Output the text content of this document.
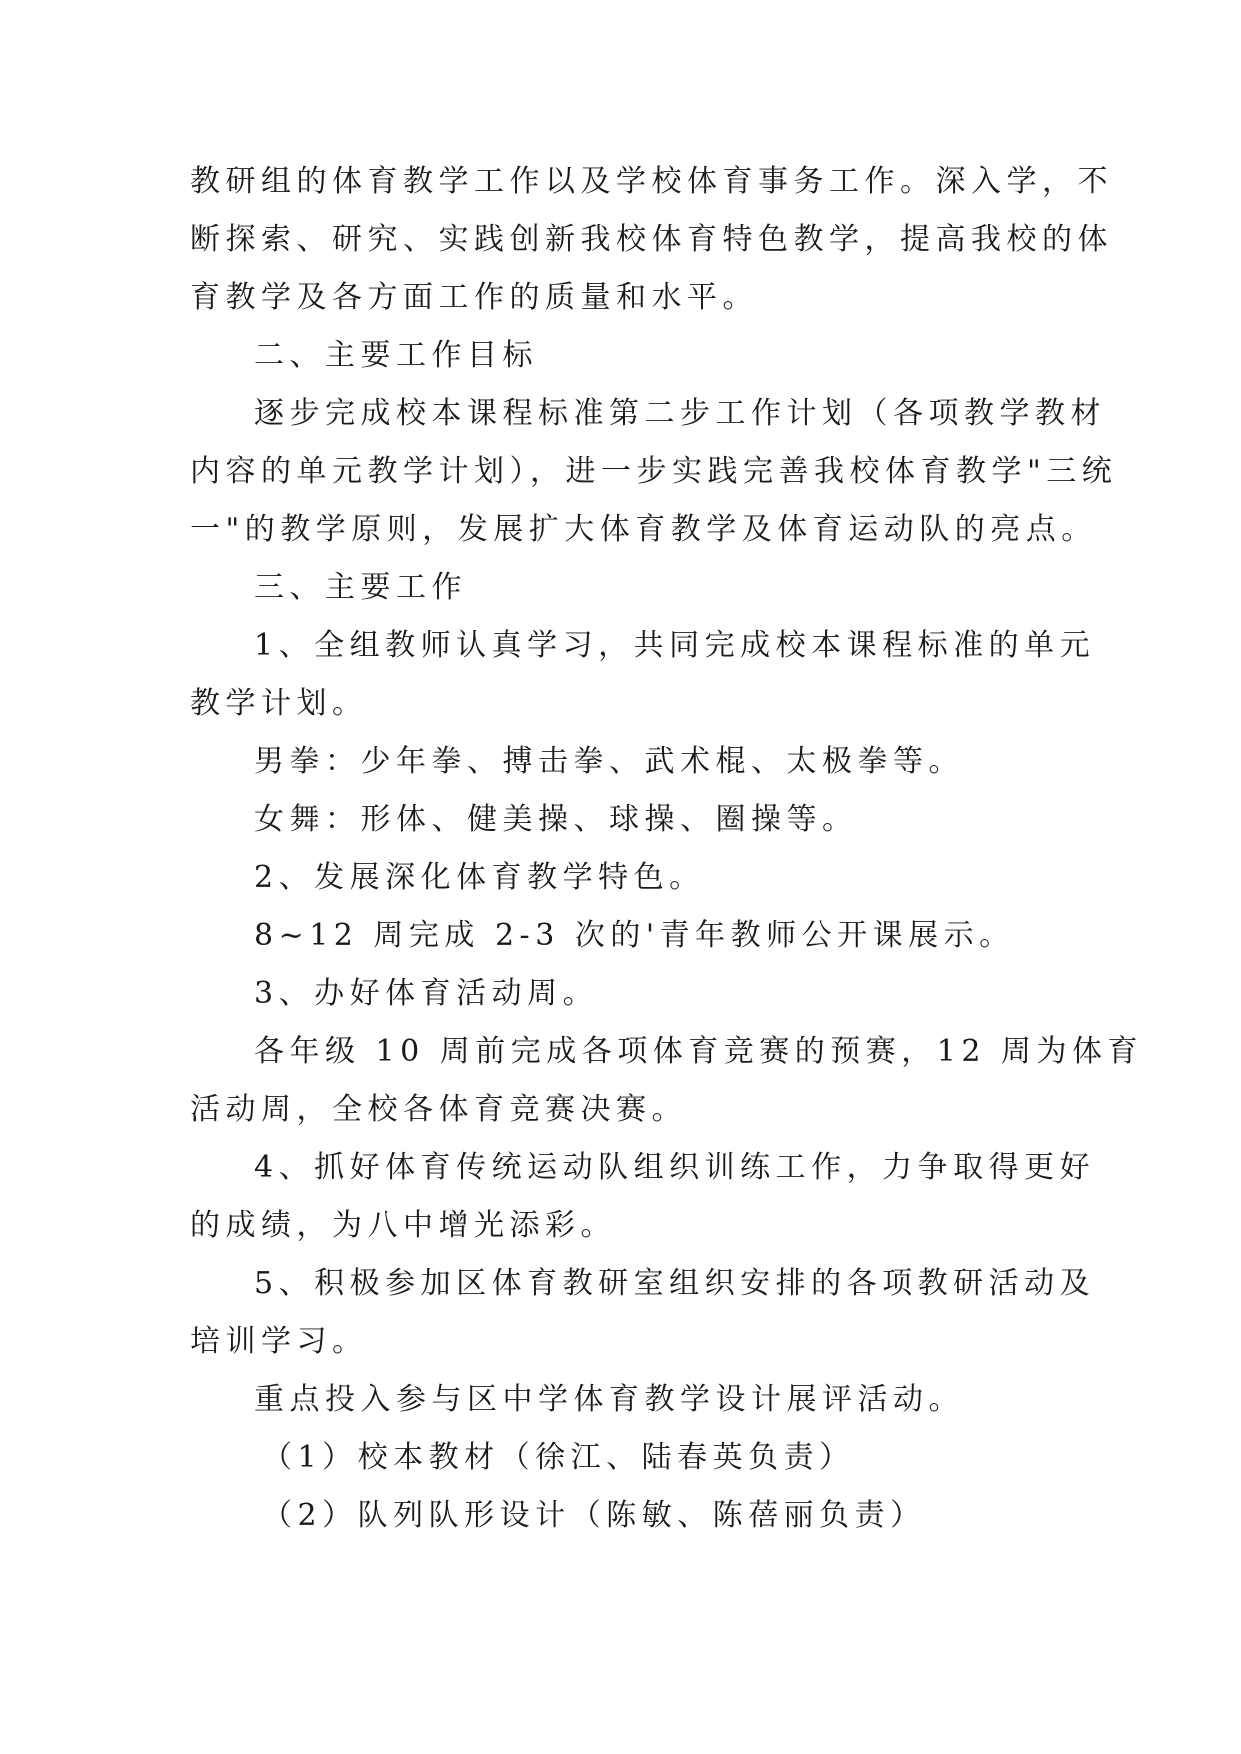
教研组的体育教学工作以及学校体育事务工作。深入学，不
断探索、研究、实践创新我校体育特色教学，提高我校的体
育教学及各方面工作的质量和水平。
二、主要工作目标
逐步完成校本课程标准第二步工作计划（各项教学教材
内容的单元教学计划），进一步实践完善我校体育教学"三统
一"的教学原则，发展扩大体育教学及体育运动队的亮点。
三、主要工作
1、全组教师认真学习，共同完成校本课程标准的单元
教学计划。
男拳：少年拳、搏击拳、武术棍、太极拳等。
女舞：形体、健美操、球操、圈操等。
2、发展深化体育教学特色。
8~12 周完成 2-3 次的'青年教师公开课展示。
3、办好体育活动周。
各年级 10 周前完成各项体育竞赛的预赛，12 周为体育
活动周，全校各体育竞赛决赛。
4、抓好体育传统运动队组织训练工作，力争取得更好
的成绩，为八中增光添彩。
5、积极参加区体育教研室组织安排的各项教研活动及
培训学习。
重点投入参与区中学体育教学设计展评活动。
（1）校本教材（徐江、陆春英负责）
（2）队列队形设计（陈敏、陈蓓丽负责）
